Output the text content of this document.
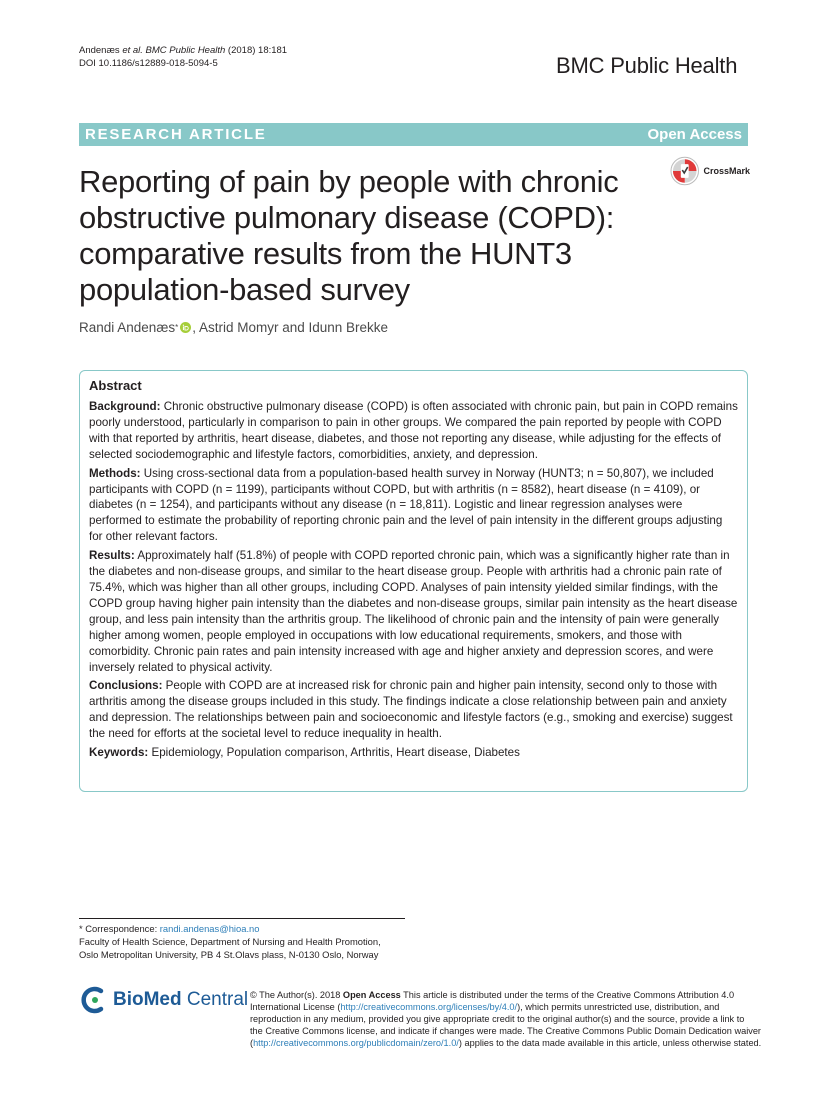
Andenæs et al. BMC Public Health (2018) 18:181
DOI 10.1186/s12889-018-5094-5	BMC Public Health
RESEARCH ARTICLE	Open Access
Reporting of pain by people with chronic
obstructive pulmonary disease (COPD):
comparative results from the HUNT3
population-based survey
CrossMark
Randi Andenæs * , Astrid Momyr and Idunn Brekke
Abstract

Background: Chronic obstructive pulmonary disease (COPD) is often associated with chronic pain, but pain in COPD remains poorly understood, particularly in comparison to pain in other groups. We compared the pain reported by people with COPD with that reported by arthritis, heart disease, diabetes, and those not reporting any disease, while adjusting for the effects of selected sociodemographic and lifestyle factors, comorbidities, anxiety, and depression.

Methods: Using cross-sectional data from a population-based health survey in Norway (HUNT3; n = 50,807), we included participants with COPD (n = 1199), participants without COPD, but with arthritis (n = 8582), heart disease (n = 4109), or diabetes (n = 1254), and participants without any disease (n = 18,811). Logistic and linear regression analyses were performed to estimate the probability of reporting chronic pain and the level of pain intensity in the different groups adjusting for other relevant factors.

Results: Approximately half (51.8%) of people with COPD reported chronic pain, which was a significantly higher rate than in the diabetes and non-disease groups, and similar to the heart disease group. People with arthritis had a chronic pain rate of 75.4%, which was higher than all other groups, including COPD. Analyses of pain intensity yielded similar findings, with the COPD group having higher pain intensity than the diabetes and non-disease groups, similar pain intensity as the heart disease group, and less pain intensity than the arthritis group. The likelihood of chronic pain and the intensity of pain were generally higher among women, people employed in occupations with low educational requirements, smokers, and those with comorbidity. Chronic pain rates and pain intensity increased with age and higher anxiety and depression scores, and were inversely related to physical activity.

Conclusions: People with COPD are at increased risk for chronic pain and higher pain intensity, second only to those with arthritis among the disease groups included in this study. The findings indicate a close relationship between pain and anxiety and depression. The relationships between pain and socioeconomic and lifestyle factors (e.g., smoking and exercise) suggest the need for efforts at the societal level to reduce inequality in health.

Keywords: Epidemiology, Population comparison, Arthritis, Heart disease, Diabetes

* Correspondence: randi.andenas@hioa.no
Faculty of Health Science, Department of Nursing and Health Promotion,
Oslo Metropolitan University, PB 4 St.Olavs plass, N-0130 Oslo, Norway
BioMed Central © The Author(s). 2018 Open Access This article is distributed under the terms of the Creative Commons Attribution 4.0
International License (http://creativecommons.org/licenses/by/4.0/), which permits unrestricted use, distribution, and
reproduction in any medium, provided you give appropriate credit to the original author(s) and the source, provide a link to
the Creative Commons license, and indicate if changes were made. The Creative Commons Public Domain Dedication waiver
(http://creativecommons.org/publicdomain/zero/1.0/) applies to the data made available in this article, unless otherwise stated.
